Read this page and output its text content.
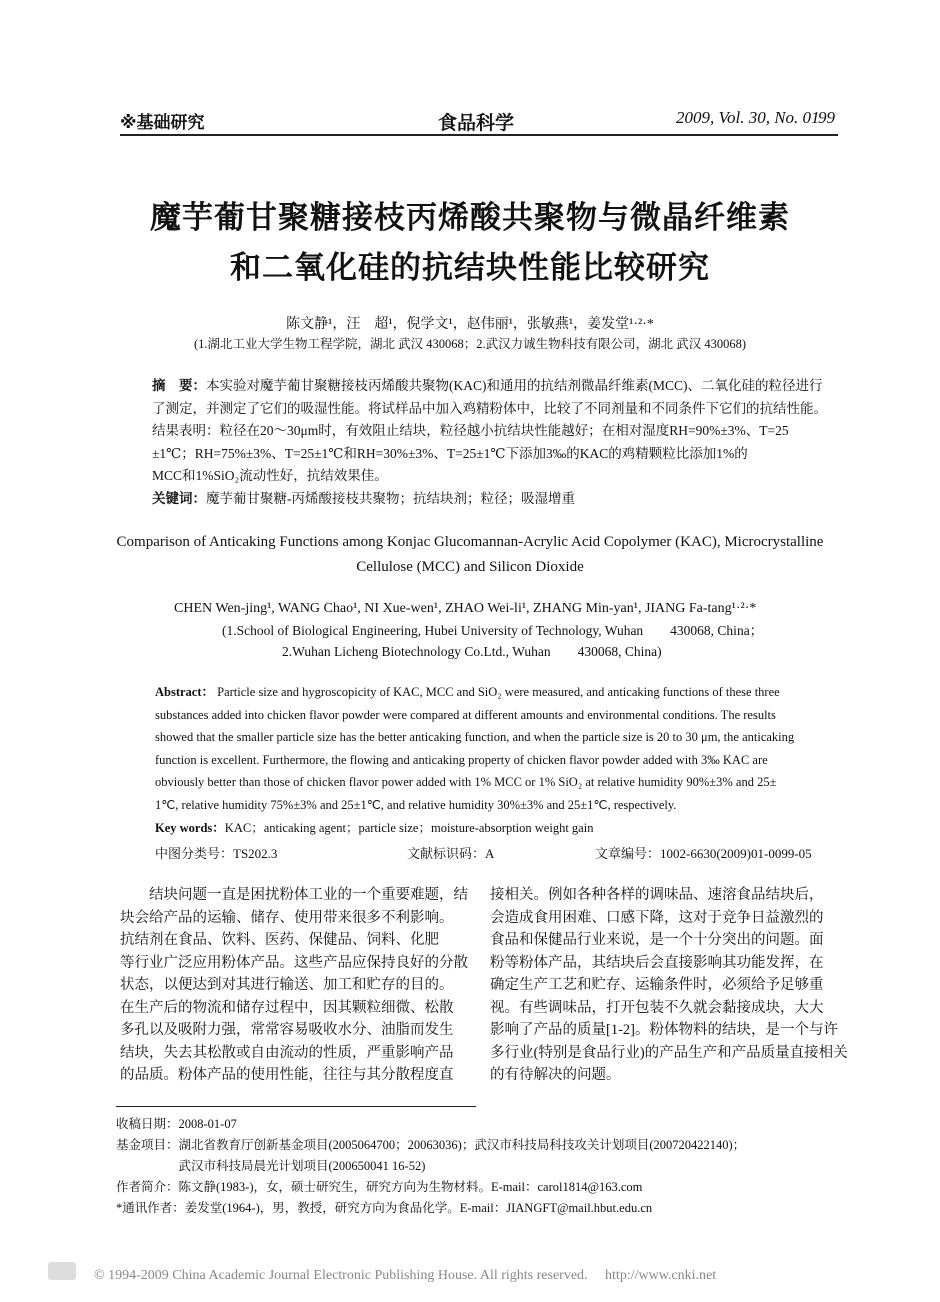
※基础研究	食品科学	2009, Vol. 30, No. 01
99
魔芋葡甘聚糖接枝丙烯酸共聚物与微晶纤维素
和二氧化硅的抗结块性能比较研究
陈文静¹，汪　超¹，倪学文¹，赵伟丽¹，张敏燕¹，姜发堂¹·²·*
(1.湖北工业大学生物工程学院，湖北 武汉 430068；2.武汉力诚生物科技有限公司，湖北 武汉 430068)
摘　要：本实验对魔芋葡甘聚糖接枝丙烯酸共聚物(KAC)和通用的抗结剂微晶纤维素(MCC)、二氧化硅的粒径进行
了测定，并测定了它们的吸湿性能。将试样品中加入鸡精粉体中，比较了不同剂量和不同条件下它们的抗结性能。
结果表明：粒径在20～30μm时，有效阻止结块，粒径越小抗结块性能越好；在相对湿度RH=90%±3%、T=25
±1℃；RH=75%±3%、T=25±1℃和RH=30%±3%、T=25±1℃下添加3‰的KAC的鸡精颗粒比添加1%的
MCC和1%SiO₂流动性好，抗结效果佳。
关键词：魔芋葡甘聚糖-丙烯酸接枝共聚物；抗结块剂；粒径；吸湿增重
Comparison of Anticaking Functions among Konjac Glucomannan-Acrylic Acid Copolymer (KAC), Microcrystalline
Cellulose (MCC) and Silicon Dioxide
CHEN Wen-jing¹, WANG Chao¹, NI Xue-wen¹, ZHAO Wei-li¹, ZHANG Min-yan¹, JIANG Fa-tang¹·²·*
(1.School of Biological Engineering, Hubei University of Technology, Wuhan　　430068, China；
2.Wuhan Licheng Biotechnology Co.Ltd., Wuhan　　430068, China)
Abstract： Particle size and hygroscopicity of KAC, MCC and SiO₂ were measured, and anticaking functions of these three
substances added into chicken flavor powder were compared at different amounts and environmental conditions. The results
showed that the smaller particle size has the better anticaking function, and when the particle size is 20 to 30 μm, the anticaking
function is excellent. Furthermore, the flowing and anticaking property of chicken flavor powder added with 3‰ KAC are
obviously better than those of chicken flavor power added with 1% MCC or 1% SiO₂ at relative humidity 90%±3% and 25±
1℃, relative humidity 75%±3% and 25±1℃, and relative humidity 30%±3% and 25±1℃, respectively.
Key words：KAC；anticaking agent；particle size；moisture-absorption weight gain
中图分类号：TS202.3	文献标识码：A	文章编号：1002-6630(2009)01-0099-05
　　结块问题一直是困扰粉体工业的一个重要难题，结
块会给产品的运输、储存、使用带来很多不利影响。
抗结剂在食品、饮料、医药、保健品、饲料、化肥
等行业广泛应用粉体产品。这些产品应保持良好的分散
状态，以便达到对其进行输送、加工和贮存的目的。
在生产后的物流和储存过程中，因其颗粒细微、松散
多孔以及吸附力强，常常容易吸收水分、油脂而发生
结块，失去其松散或自由流动的性质，严重影响产品
的品质。粉体产品的使用性能，往往与其分散程度直
接相关。例如各种各样的调味品、速溶食品结块后，
会造成食用困难、口感下降，这对于竞争日益激烈的
食品和保健品行业来说，是一个十分突出的问题。面
粉等粉体产品，其结块后会直接影响其功能发挥，在
确定生产工艺和贮存、运输条件时，必须给予足够重
视。有些调味品，打开包装不久就会黏接成块，大大
影响了产品的质量[1-2]。粉体物料的结块，是一个与许
多行业(特别是食品行业)的产品生产和产品质量直接相关
的有待解决的问题。
收稿日期：2008-01-07
基金项目：湖北省教育厅创新基金项目(2005064700；20063036)；武汉市科技局科技攻关计划项目(200720422140)；
　　　　　武汉市科技局晨光计划项目(200650041 16-52)
作者简介：陈文静(1983-)，女，硕士研究生，研究方向为生物材料。E-mail：carol1814@163.com
*通讯作者：姜发堂(1964-)，男，教授，研究方向为食品化学。E-mail：JIANGFT@mail.hbut.edu.cn
© 1994-2009 China Academic Journal Electronic Publishing House. All rights reserved.　 http://www.cnki.net
